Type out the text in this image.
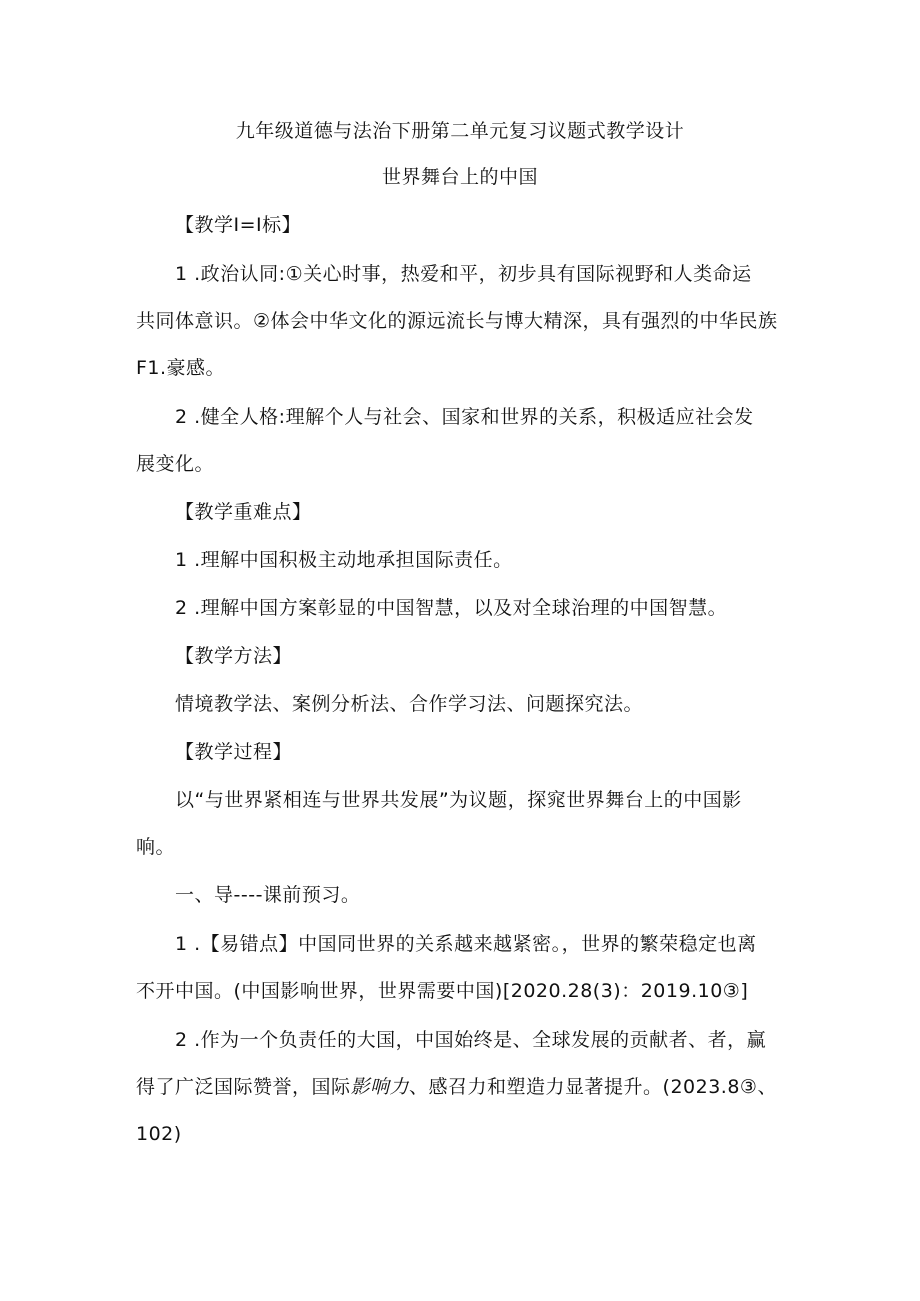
九年级道德与法治下册第二单元复习议题式教学设计
世界舞台上的中国
【教学I=I标】
1 .政治认同:①关心时事，热爱和平，初步具有国际视野和人类命运
共同体意识。②体会中华文化的源远流长与博大精深，具有强烈的中华民族
F1.豪感。
2 .健全人格:理解个人与社会、国家和世界的关系，积极适应社会发
展变化。
【教学重难点】
1 .理解中国积极主动地承担国际责任。
2 .理解中国方案彰显的中国智慧，以及对全球治理的中国智慧。
【教学方法】
情境教学法、案例分析法、合作学习法、问题探究法。
【教学过程】
以“与世界紧相连与世界共发展”为议题，探窕世界舞台上的中国影
响。
一、导----课前预习。
1 .【易错点】中国同世界的关系越来越紧密。，世界的繁荣稳定也离
不开中国。(中国影响世界，世界需要中国)[2020.28(3)：2019.10③]
2 .作为一个负责任的大国，中国始终是、全球发展的贡献者、者，赢
得了广泛国际赞誉，国际影响力、感召力和塑造力显著提升。(2023.8③、
102)
